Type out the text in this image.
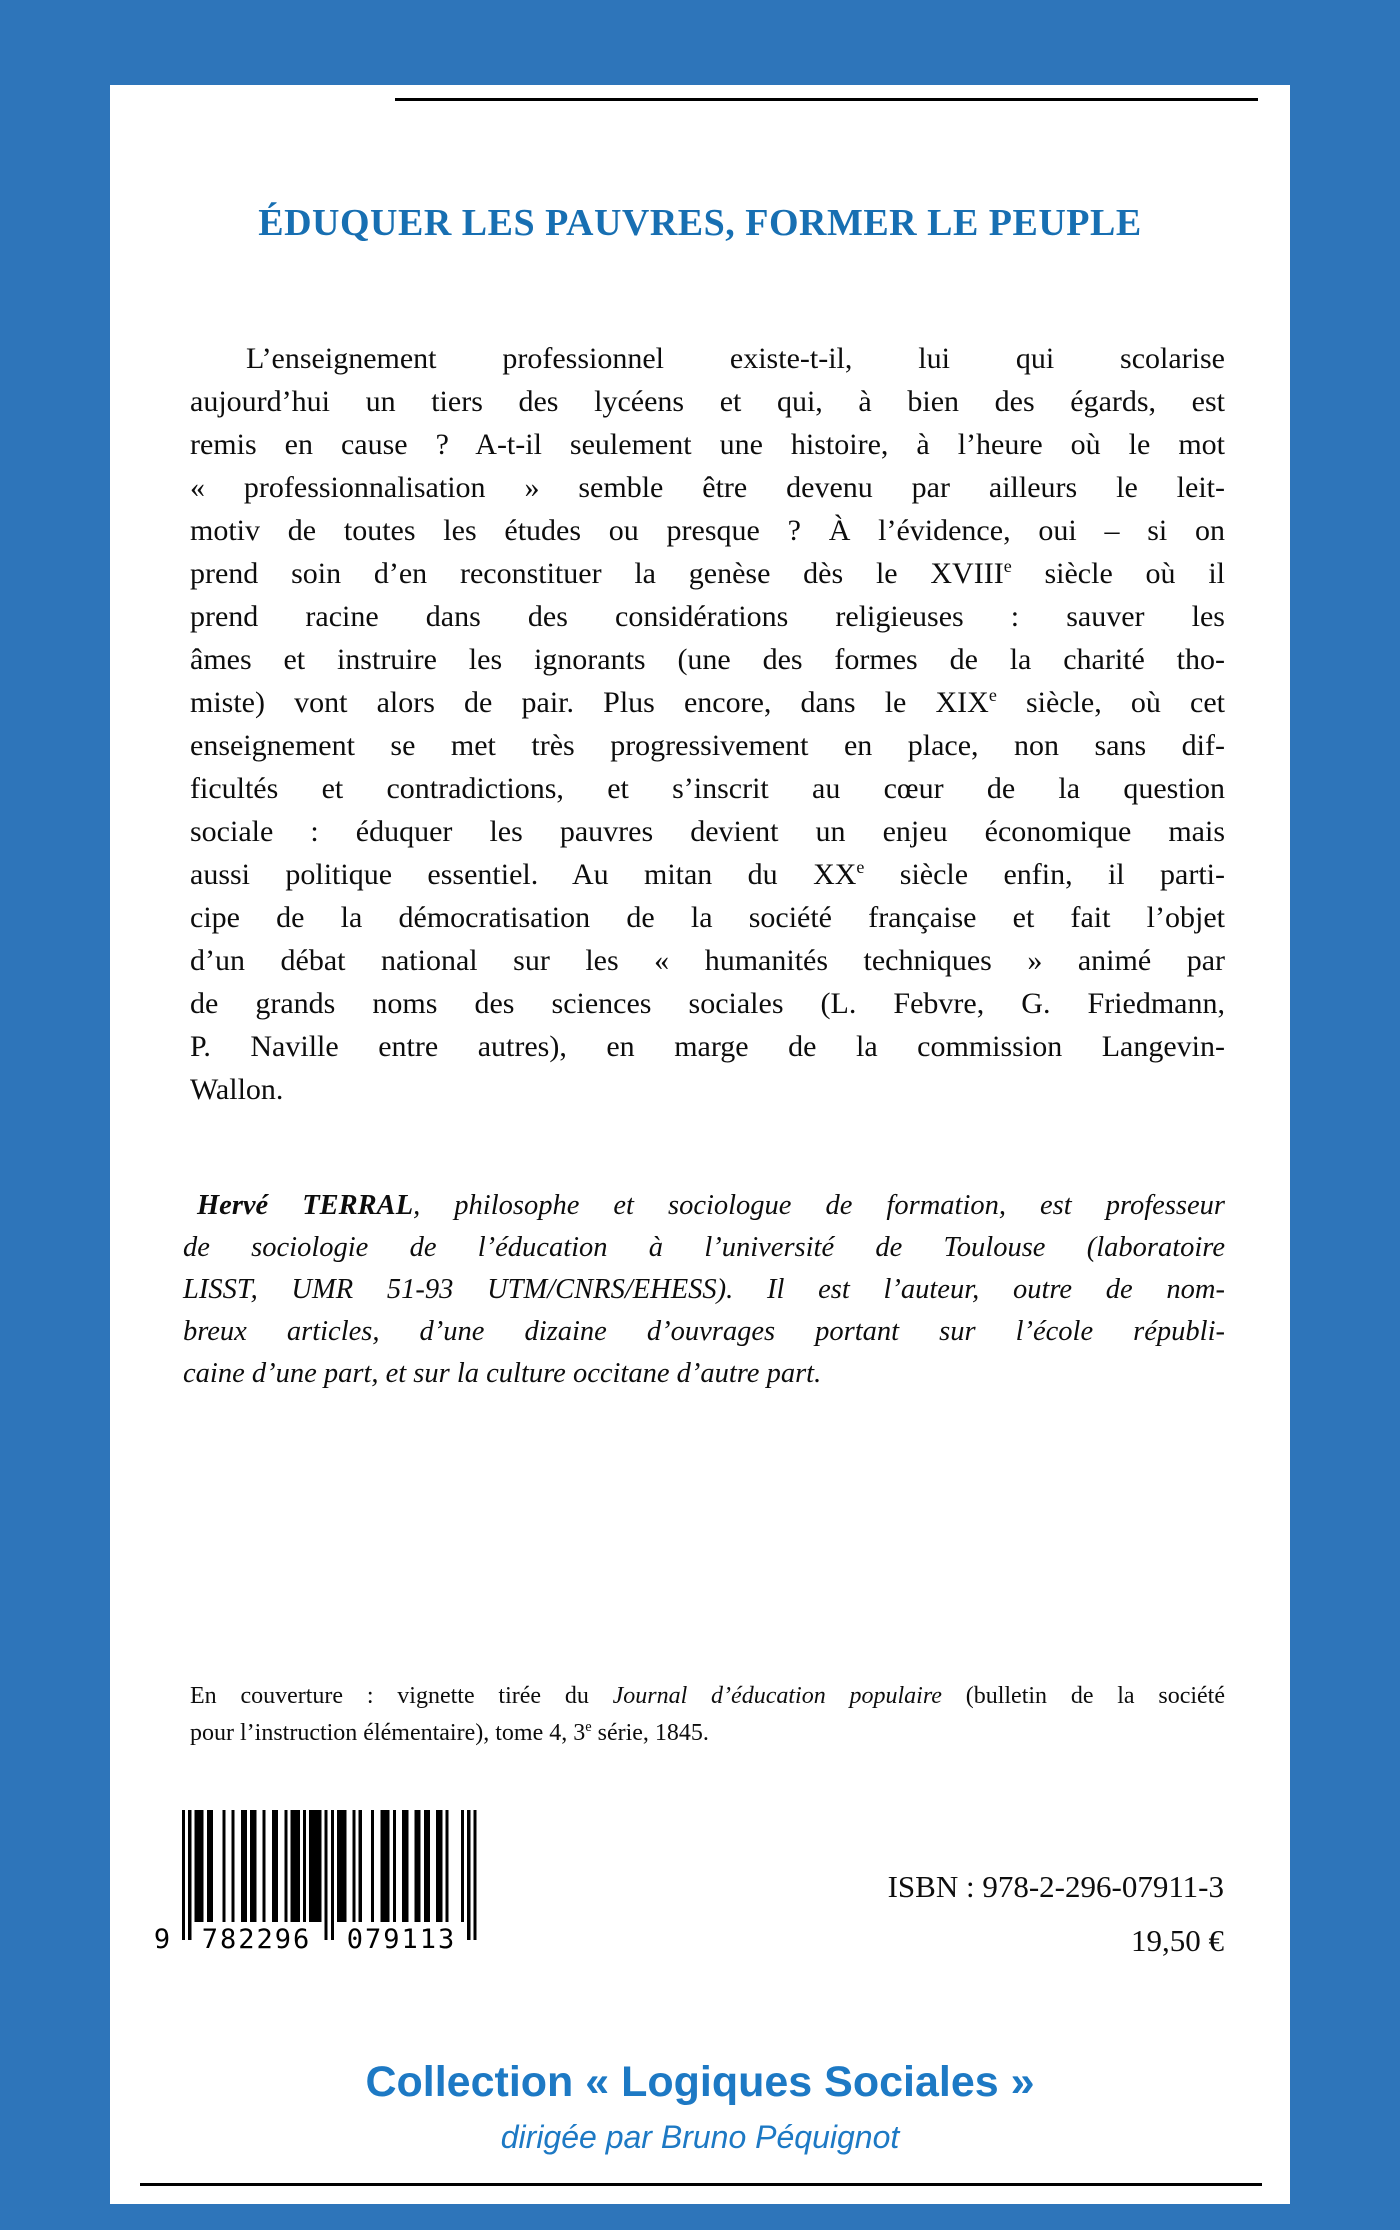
ÉDUQUER LES PAUVRES, FORMER LE PEUPLE
L’enseignement professionnel existe-t-il, lui qui scolarise
aujourd’hui un tiers des lycéens et qui, à bien des égards, est
remis en cause ? A-t-il seulement une histoire, à l’heure où le mot
« professionnalisation » semble être devenu par ailleurs le leit-
motiv de toutes les études ou presque ? À l’évidence, oui – si on
prend soin d’en reconstituer la genèse dès le XVIIIe siècle où il
prend racine dans des considérations religieuses : sauver les
âmes et instruire les ignorants (une des formes de la charité tho-
miste) vont alors de pair. Plus encore, dans le XIXe siècle, où cet
enseignement se met très progressivement en place, non sans dif-
ficultés et contradictions, et s’inscrit au cœur de la question
sociale : éduquer les pauvres devient un enjeu économique mais
aussi politique essentiel. Au mitan du XXe siècle enfin, il parti-
cipe de la démocratisation de la société française et fait l’objet
d’un débat national sur les « humanités techniques » animé par
de grands noms des sciences sociales (L. Febvre, G. Friedmann,
P. Naville entre autres), en marge de la commission Langevin-
Wallon.
Hervé TERRAL, philosophe et sociologue de formation, est professeur
de sociologie de l’éducation à l’université de Toulouse (laboratoire
LISST, UMR 51-93 UTM/CNRS/EHESS). Il est l’auteur, outre de nom-
breux articles, d’une dizaine d’ouvrages portant sur l’école républi-
caine d’une part, et sur la culture occitane d’autre part.
En couverture : vignette tirée du Journal d’éducation populaire (bulletin de la société
pour l’instruction élémentaire), tome 4, 3e série, 1845.
9	782296	079113
ISBN : 978-2-296-07911-3
19,50 €
Collection « Logiques Sociales »
dirigée par Bruno Péquignot
